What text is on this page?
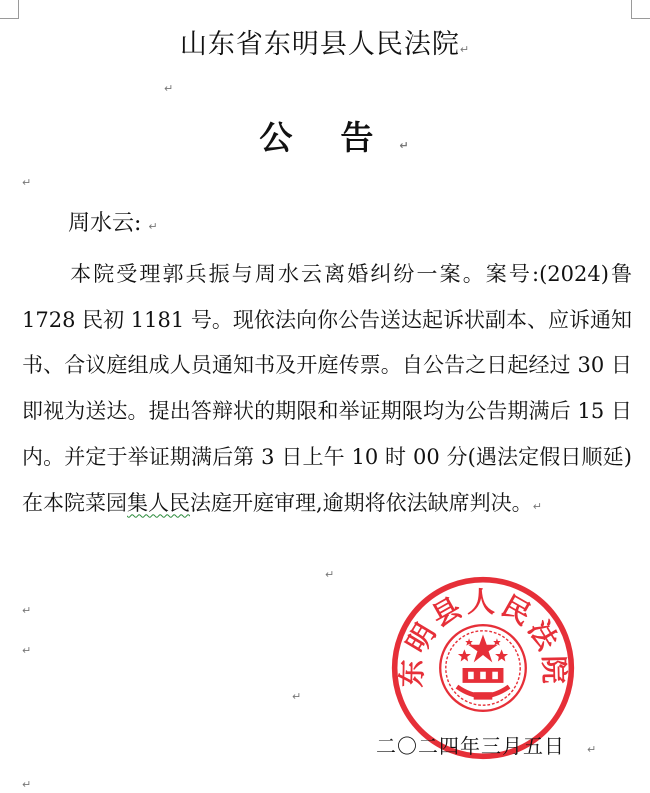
山东省东明县人民法院↵
↵
公 告 ↵
↵
周水云: ↵
本院受理郭兵振与周水云离婚纠纷一案。案号:(2024)鲁 1728 民初 1181 号。现依法向你公告送达起诉状副本、应诉通知书、合议庭组成人员通知书及开庭传票。自公告之日起经过 30 日即视为送达。提出答辩状的期限和举证期限均为公告期满后 15 日内。并定于举证期满后第 3 日上午 10 时 00 分(遇法定假日顺延)在本院菜园集人民法庭开庭审理,逾期将依法缺席判决。↵
↵
↵
↵
↵
东明县人民法院
二〇二四年三月五日 ↵
↵
